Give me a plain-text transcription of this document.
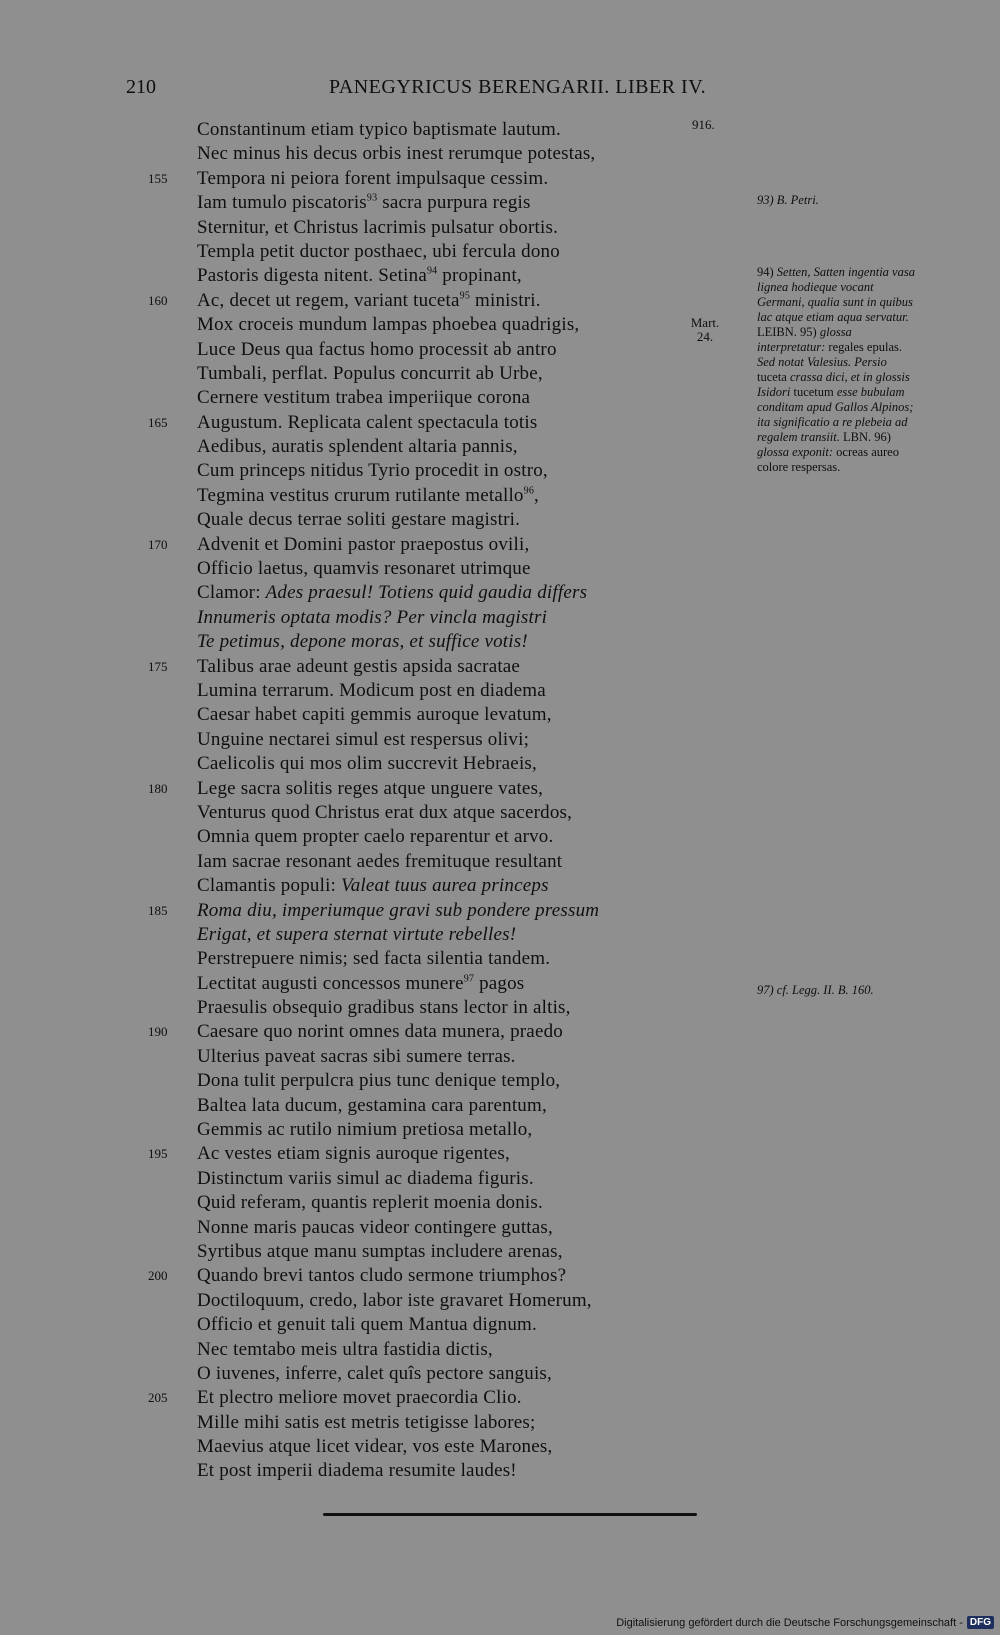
210	PANEGYRICUS BERENGARII. LIBER IV.
Constantinum etiam typico baptismate lautum.
Nec minus his decus orbis inest rerumque potestas,
155	Tempora ni peiora forent impulsaque cessim.
Iam tumulo piscatoris$^{93}$ sacra purpura regis
Sternitur, et Christus lacrimis pulsatur obortis.
Templa petit ductor posthaec, ubi fercula dono
Pastoris digesta nitent. Setina$^{94}$ propinant,
160	Ac, decet ut regem, variant tuceta$^{95}$ ministri.
Mox croceis mundum lampas phoebea quadrigis,
Luce Deus qua factus homo processit ab antro
Tumbali, perflat. Populus concurrit ab Urbe,
Cernere vestitum trabea imperiique corona
165	Augustum. Replicata calent spectacula totis
Aedibus, auratis splendent altaria pannis,
Cum princeps nitidus Tyrio procedit in ostro,
Tegmina vestitus crurum rutilante metallo$^{96}$,
Quale decus terrae soliti gestare magistri.
170	Advenit et Domini pastor praepostus ovili,
Officio laetus, quamvis resonaret utrimque
Clamor: Ades praesul! Totiens quid gaudia differs
Innumeris optata modis? Per vincla magistri
Te petimus, depone moras, et suffice votis!
175	Talibus arae adeunt gestis apsida sacratae
Lumina terrarum. Modicum post en diadema
Caesar habet capiti gemmis auroque levatum,
Unguine nectarei simul est respersus olivi;
Caelicolis qui mos olim succrevit Hebraeis,
180	Lege sacra solitis reges atque unguere vates,
Venturus quod Christus erat dux atque sacerdos,
Omnia quem propter caelo reparentur et arvo.
Iam sacrae resonant aedes fremituque resultant
Clamantis populi: Valeat tuus aurea princeps
185	Roma diu, imperiumque gravi sub pondere pressum
Erigat, et supera sternat virtute rebelles!
Perstrepuere nimis; sed facta silentia tandem.
Lectitat augusti concessos munere$^{97}$ pagos
Praesulis obsequio gradibus stans lector in altis,
190	Caesare quo norint omnes data munera, praedo
Ulterius paveat sacras sibi sumere terras.
Dona tulit perpulcra pius tunc denique templo,
Baltea lata ducum, gestamina cara parentum,
Gemmis ac rutilo nimium pretiosa metallo,
195	Ac vestes etiam signis auroque rigentes,
Distinctum variis simul ac diadema figuris.
Quid referam, quantis replerit moenia donis.
Nonne maris paucas videor contingere guttas,
Syrtibus atque manu sumptas includere arenas,
200	Quando brevi tantos cludo sermone triumphos?
Doctiloquum, credo, labor iste gravaret Homerum,
Officio et genuit tali quem Mantua dignum.
Nec temtabo meis ultra fastidia dictis,
O iuvenes, inferre, calet quîs pectore sanguis,
205	Et plectro meliore movet praecordia Clio.
Mille mihi satis est metris tetigisse labores;
Maevius atque licet videar, vos este Marones,
Et post imperii diadema resumite laudes!
916.
Mart. 24.
93) B. Petri.
94) Setten, Satten ingentia vasa lignea hodieque vocant Germani, qualia sunt in quibus lac atque etiam aqua servatur. LEIBN. 95) glossa interpretatur: regales epulas. Sed notat Valesius. Persio tuceta crassa dici, et in glossis Isidori tucetum esse bubulam conditam apud Gallos Alpinos; ita significatio a re plebeia ad regalem transiit. LBN. 96) glossa exponit: ocreas aureo colore respersas.
97) cf. Legg. II. B. 160.
Digitalisierung gefördert durch die Deutsche Forschungsgemeinschaft - DFG
